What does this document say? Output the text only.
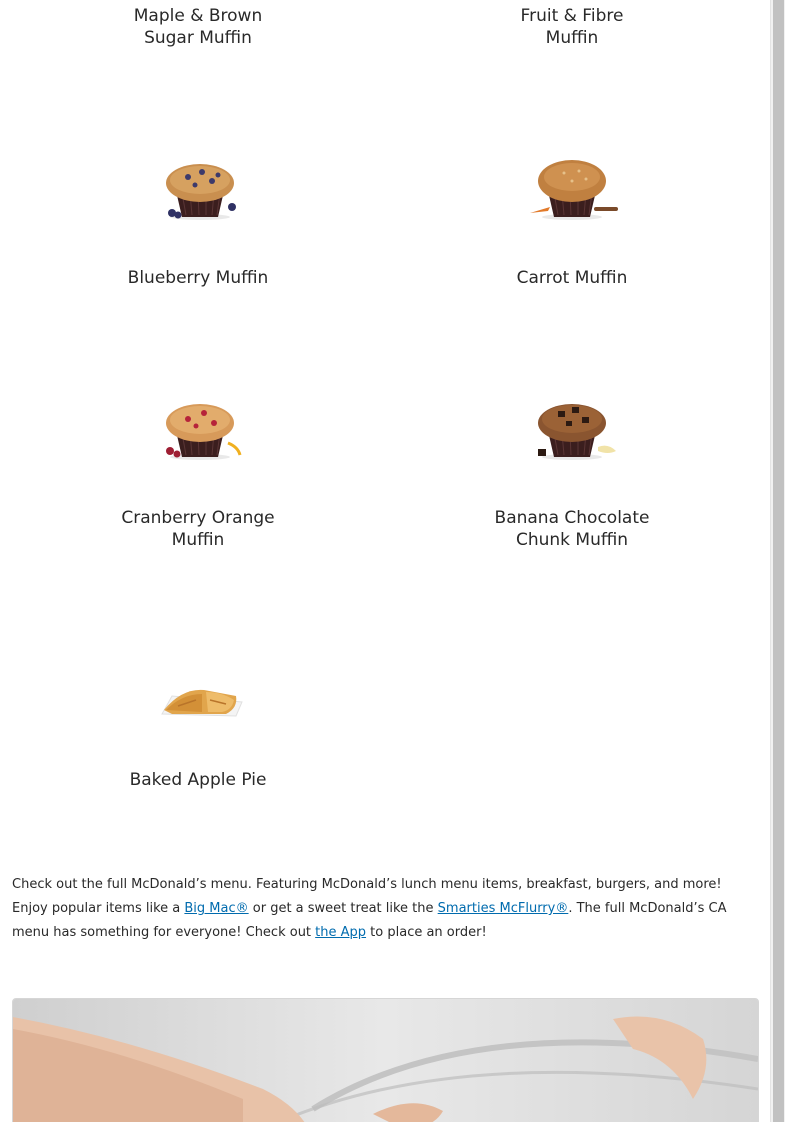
Maple & Brown
Sugar Muffin
Fruit & Fibre
Muffin
Blueberry Muffin	Carrot Muffin
Cranberry Orange
Muffin
Banana Chocolate
Chunk Muffin
Baked Apple Pie

Check out the full McDonald’s menu. Featuring McDonald’s lunch menu items, breakfast, burgers, and more! Enjoy popular items like a Big Mac® or get a sweet treat like the Smarties McFlurry®. The full McDonald’s CA menu has something for everyone! Check out the App to place an order!
